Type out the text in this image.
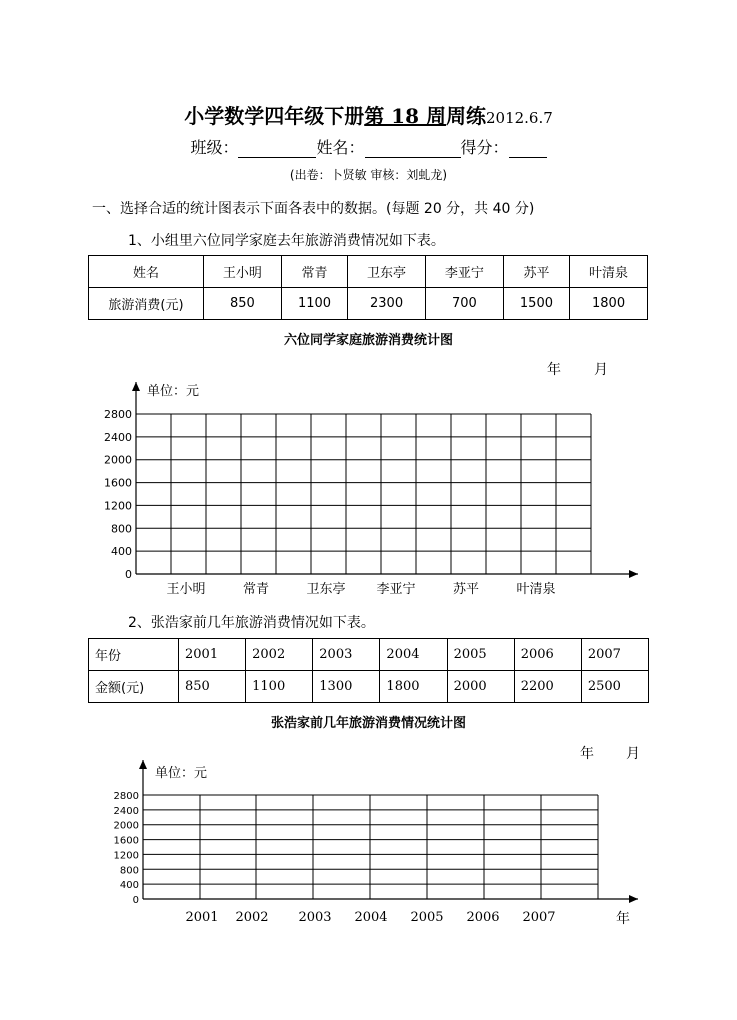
小学数学四年级下册第 18 周周练2012.6.7
班级：	姓名：	得分：
(出卷：卜贤敏 审核：刘虬龙)
一、选择合适的统计图表示下面各表中的数据。(每题 20 分，共 40 分)
1、小组里六位同学家庭去年旅游消费情况如下表。
姓名	王小明	常青	卫东亭	李亚宁	苏平	叶清泉
旅游消费(元)	850	1100	2300	700	1500	1800
六位同学家庭旅游消费统计图
年 月
2、张浩家前几年旅游消费情况如下表。
年份	2001	2002	2003	2004	2005	2006	2007
金额(元)	850	1100	1300	1800	2000	2200	2500
张浩家前几年旅游消费情况统计图
年 月
0
400
800
1200
1600
2000
2400
2800
单位：元
王小明	常青	卫东亭 李亚宁	苏平	叶清泉
0
400
800
1200
1600
2000
2400
2800
单位：元
2001 2002 2003 2004 2005 2006 2007	年
